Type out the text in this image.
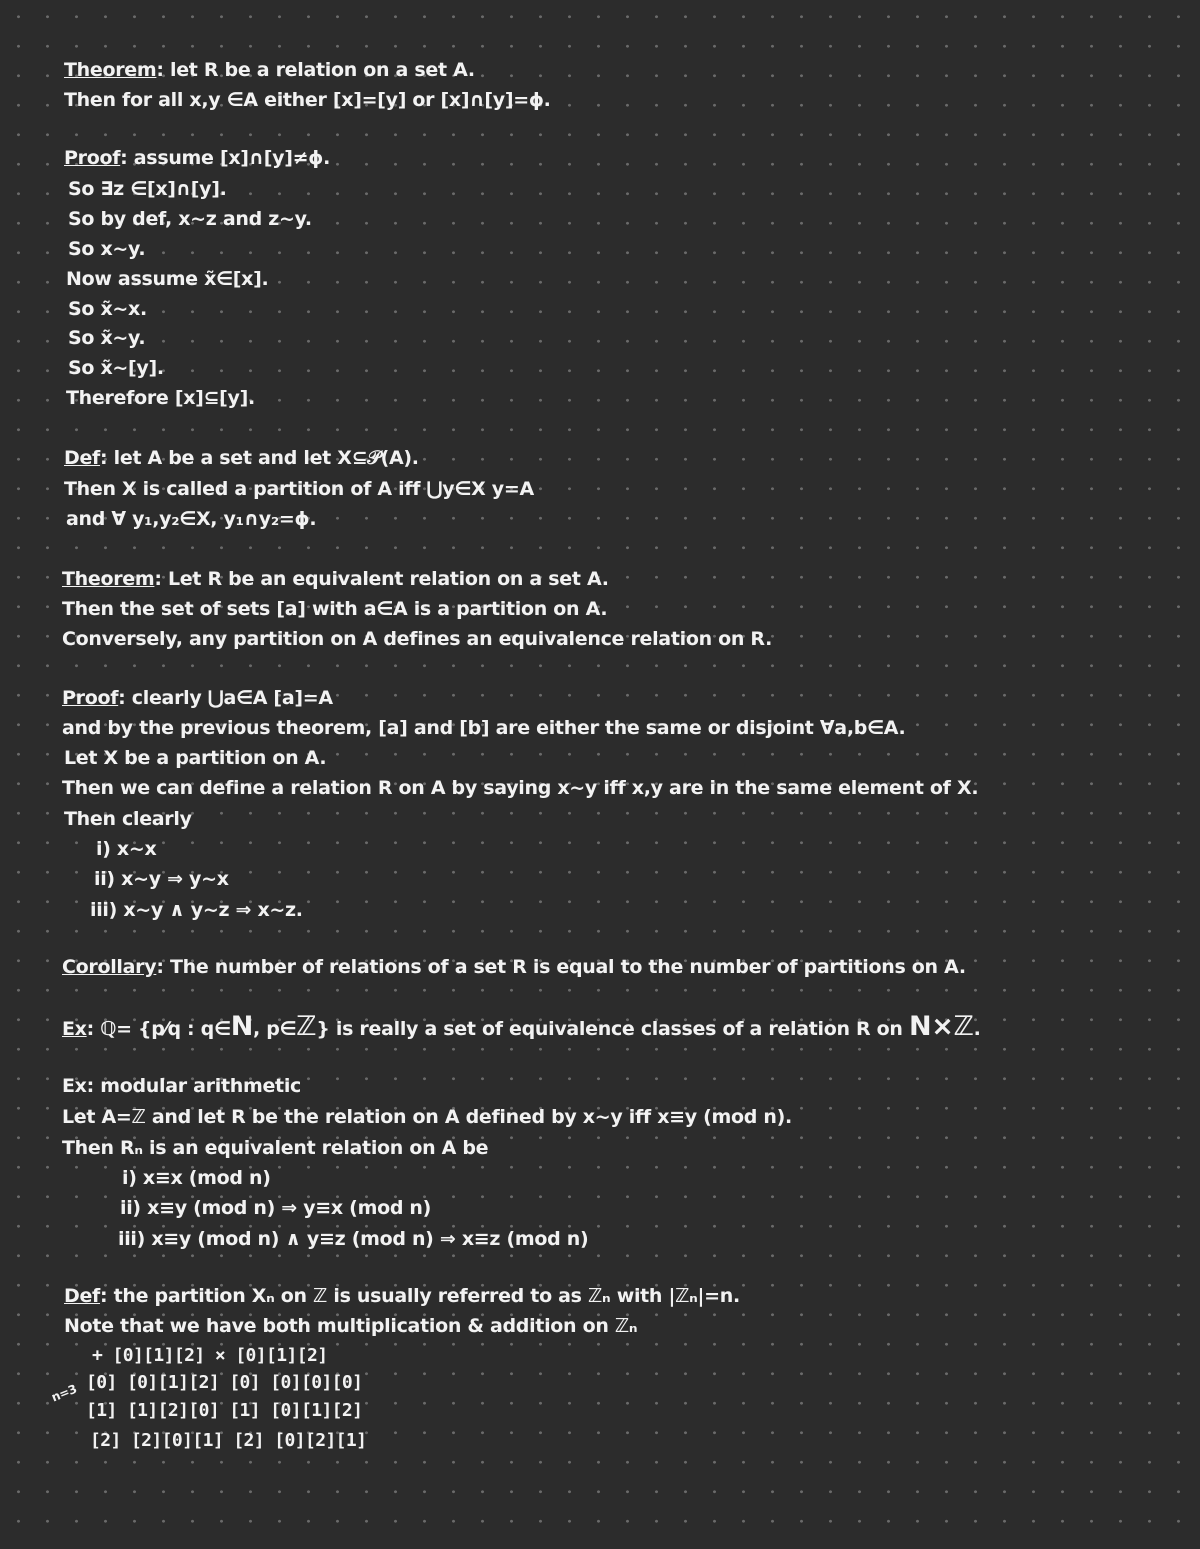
Theorem: let R be a relation on a set A.
Then for all x,y ∈A either [x]=[y] or [x]∩[y]=ϕ.
Proof: assume [x]∩[y]≠ϕ.
So ∃z ∈[x]∩[y].
So by def, x~z and z~y.
So x~y.
Now assume x̃∈[x].
So x̃~x.
So x̃~y.
So x̃~[y].
Therefore [x]⊆[y].
Def: let A be a set and let X⊆𝒫(A).
Then X is called a partition of A iff ⋃y∈X y=A
and ∀ y₁,y₂∈X, y₁∩y₂=ϕ.
Theorem: Let R be an equivalent relation on a set A.
Then the set of sets [a] with a∈A is a partition on A.
Conversely, any partition on A defines an equivalence relation on R.
Proof: clearly ⋃a∈A [a]=A
and by the previous theorem, [a] and [b] are either the same or disjoint ∀a,b∈A.
Let X be a partition on A.
Then we can define a relation R on A by saying x~y iff x,y are in the same element of X.
Then clearly
i) x~x
ii) x~y ⇒ y~x
iii) x~y ∧ y~z ⇒ x~z.
Corollary: The number of relations of a set R is equal to the number of partitions on A.
Ex: ℚ= {p⁄q : q∈N, p∈ℤ} is really a set of equivalence classes of a relation R on N×ℤ.
Ex: modular arithmetic
Let A=ℤ and let R be the relation on A defined by x~y iff x≡y (mod n).
Then Rₙ is an equivalent relation on A be
i) x≡x (mod n)
ii) x≡y (mod n) ⇒ y≡x (mod n)
iii) x≡y (mod n) ∧ y≡z (mod n) ⇒ x≡z (mod n)
Def: the partition Xₙ on ℤ is usually referred to as ℤₙ with |ℤₙ|=n.
Note that we have both multiplication & addition on ℤₙ
+ [0][1][2] × [0][1][2]
n=3 [0] [0][1][2] [0] [0][0][0]
[1] [1][2][0] [1] [0][1][2]
[2] [2][0][1] [2] [0][2][1]
